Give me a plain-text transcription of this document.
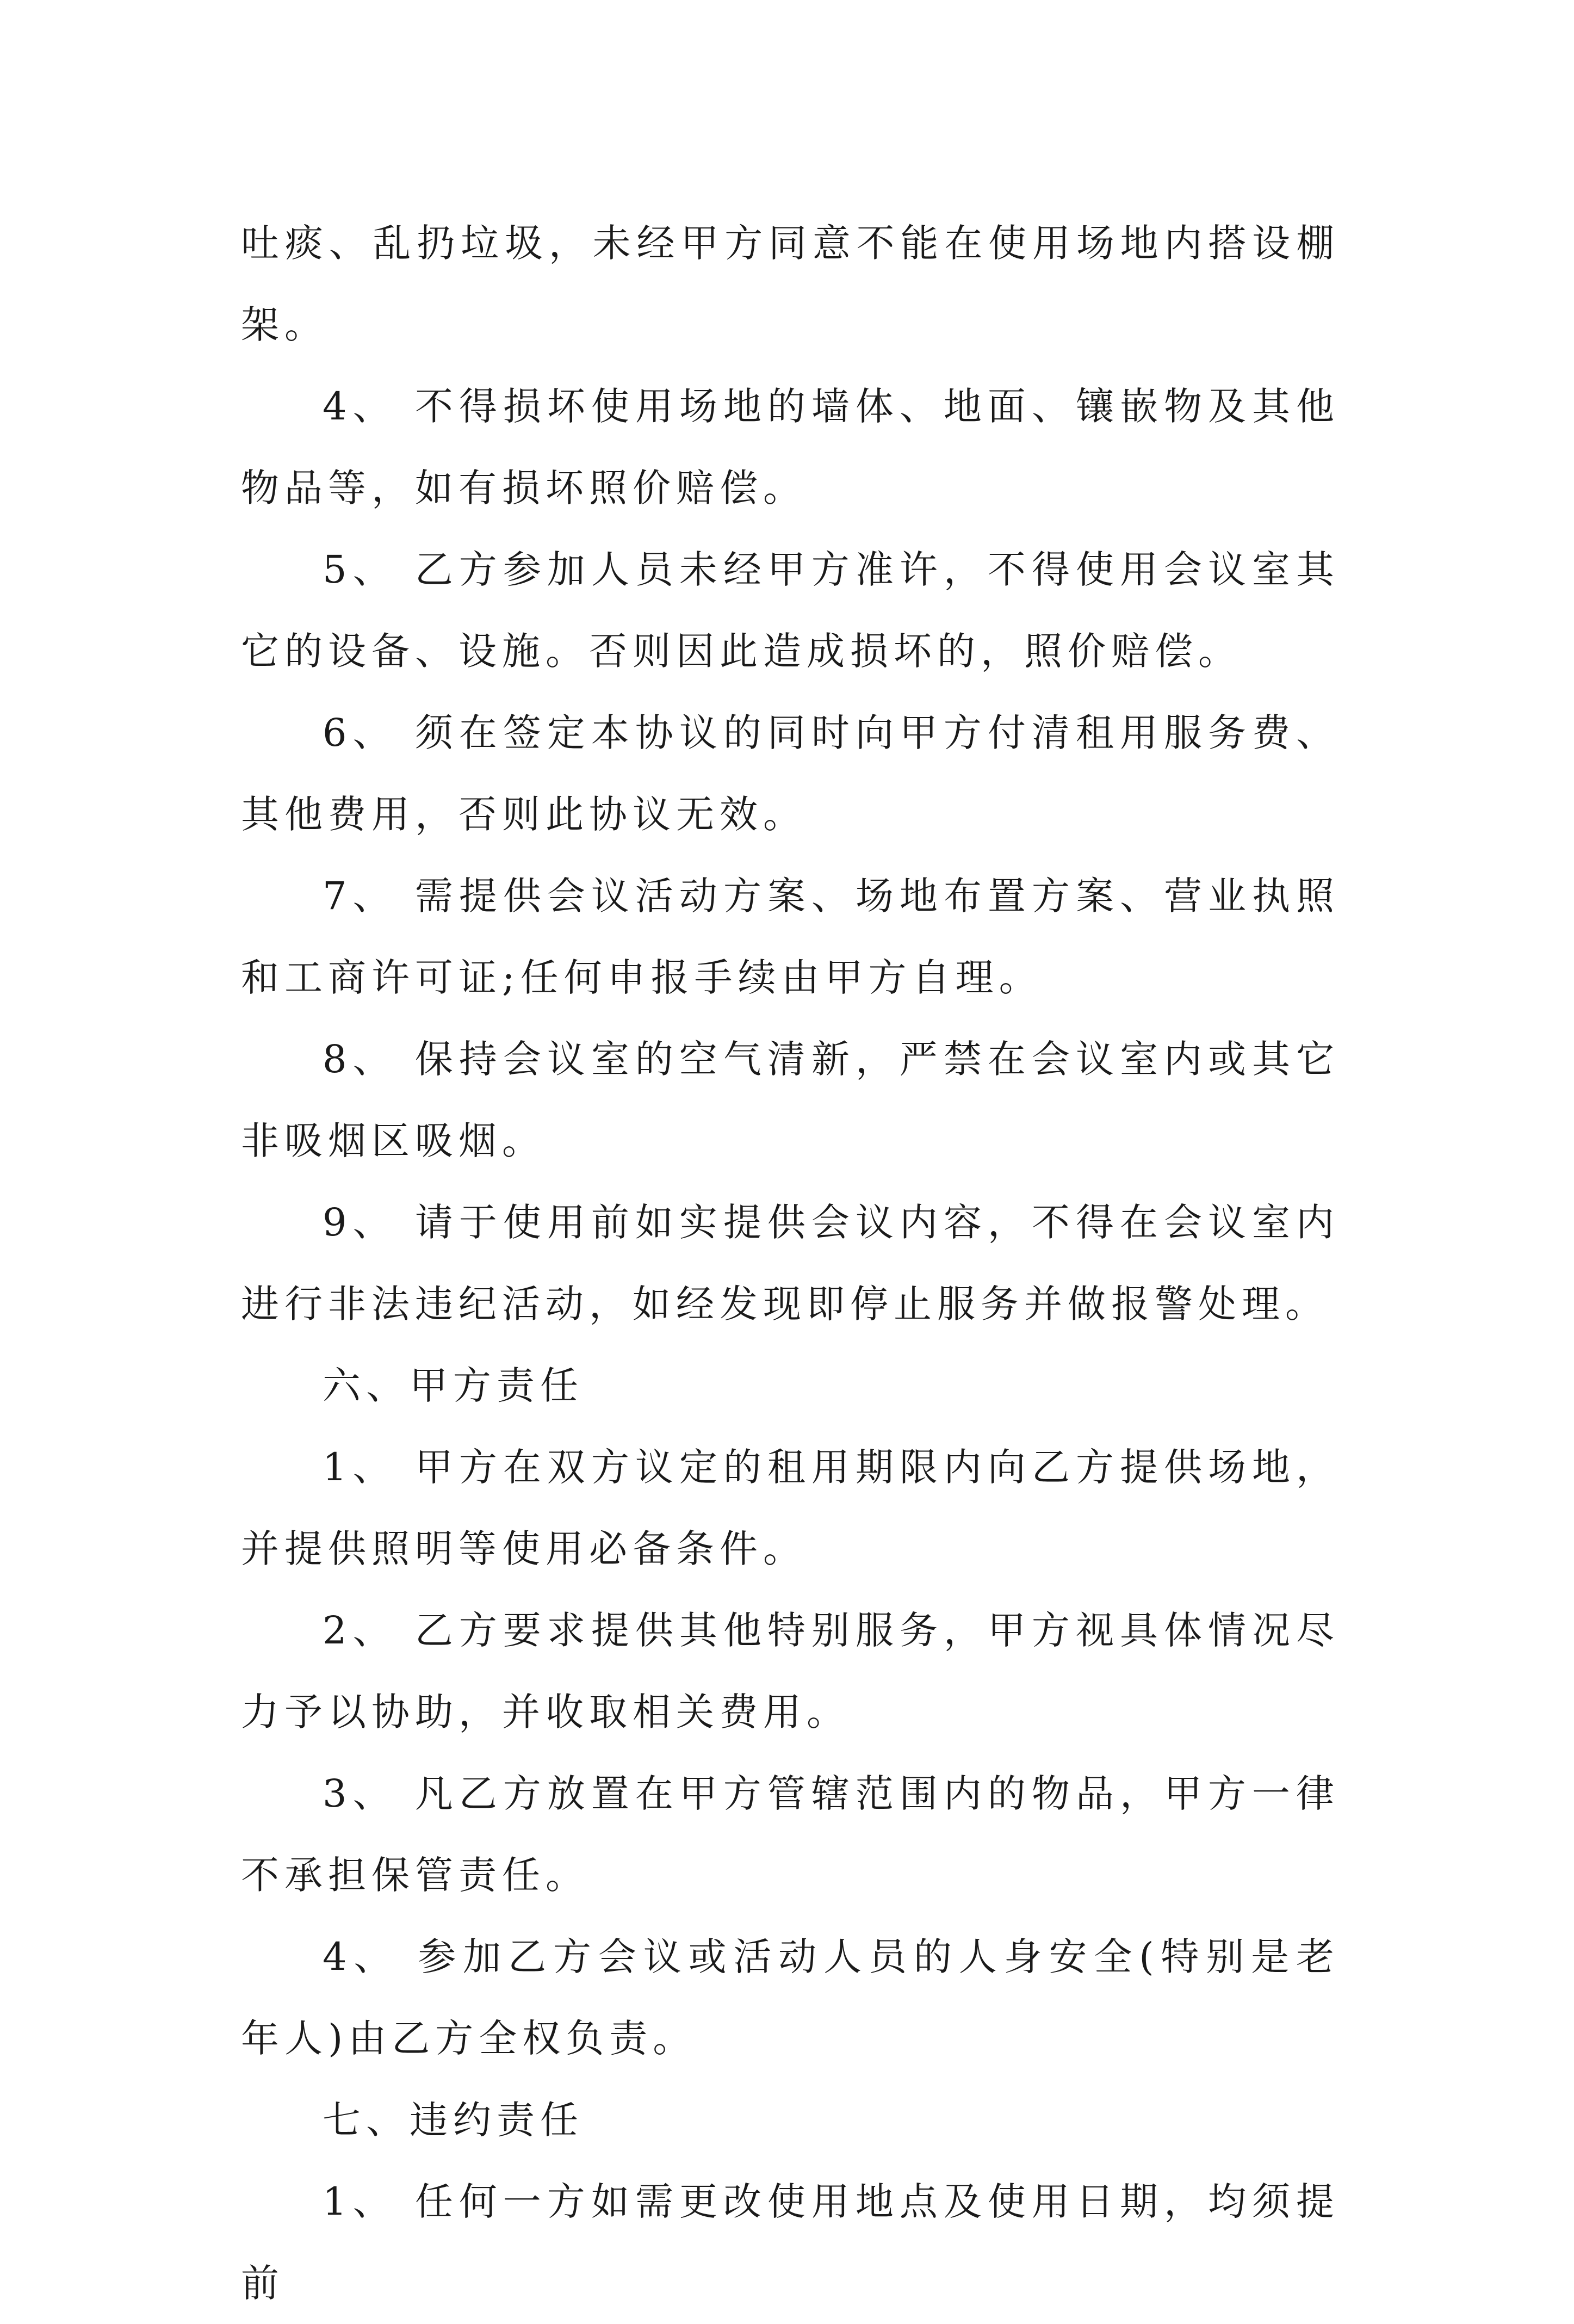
吐痰、乱扔垃圾，未经甲方同意不能在使用场地内搭设棚架。

4、 不得损坏使用场地的墙体、地面、镶嵌物及其他物品等，如有损坏照价赔偿。

5、 乙方参加人员未经甲方准许，不得使用会议室其它的设备、设施。否则因此造成损坏的，照价赔偿。

6、 须在签定本协议的同时向甲方付清租用服务费、其他费用，否则此协议无效。

7、 需提供会议活动方案、场地布置方案、营业执照和工商许可证;任何申报手续由甲方自理。

8、 保持会议室的空气清新，严禁在会议室内或其它非吸烟区吸烟。

9、 请于使用前如实提供会议内容，不得在会议室内进行非法违纪活动，如经发现即停止服务并做报警处理。

六、甲方责任

1、 甲方在双方议定的租用期限内向乙方提供场地，并提供照明等使用必备条件。

2、 乙方要求提供其他特别服务，甲方视具体情况尽力予以协助，并收取相关费用。

3、 凡乙方放置在甲方管辖范围内的物品，甲方一律不承担保管责任。

4、 参加乙方会议或活动人员的人身安全(特别是老年人)由乙方全权负责。

七、违约责任

1、 任何一方如需更改使用地点及使用日期，均须提前
